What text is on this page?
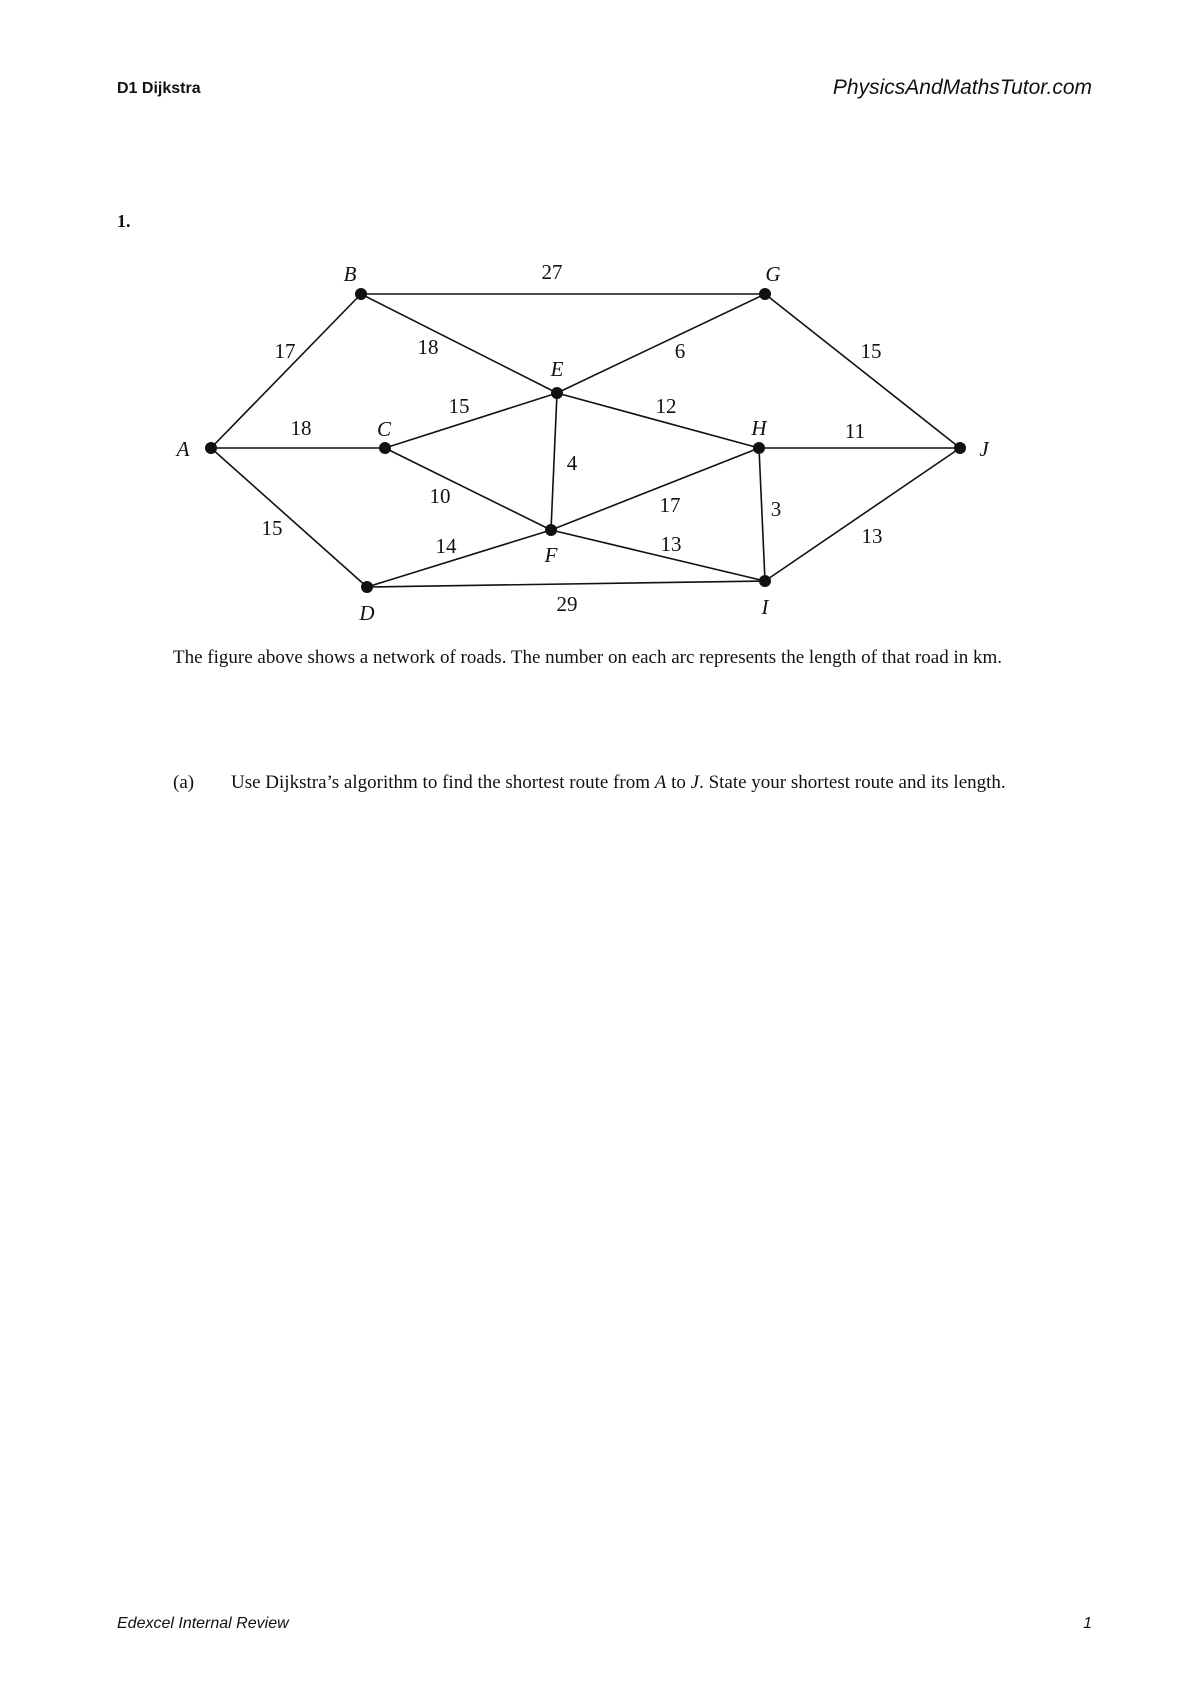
D1 Dijkstra	PhysicsAndMathsTutor.com
1.
17
18
15
27
18
15
10
14
29
6
12
4
17
13
15
11
3
13
A
B
C
D
E
F
G
H
I
J
The figure above shows a network of roads. The number on each arc represents the length of that road in km.
(a) Use Dijkstra’s algorithm to find the shortest route from A to J. State your shortest route and its length.
Edexcel Internal Review	1
